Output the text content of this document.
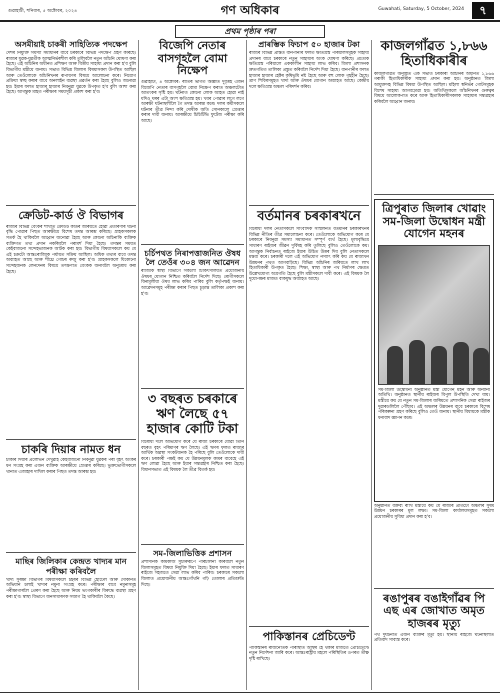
গুৱাহাটী, শনিবাৰ, ৫ অক্টোবৰ, ২০২৪	গণ অধিকাৰ	Guwahati, Saturday, 5 October, 2024	৭
প্ৰথম পৃষ্ঠাৰ পৰা
অসমীয়াই চাকৰী সাহিত্যিক পদক্ষেপ
দেশৰ নিযুক্তি সমস্যা সমাধানৰ বাবে চৰকাৰে বিভিন্ন পদক্ষেপ গ্ৰহণ কৰিছে। ৰাজ্যৰ যুৱক-যুৱতীক আত্মনিৰ্ভৰশীল কৰি তুলিবলৈ নতুন আঁচনি ঘোষণা কৰা হৈছে। এই আঁচনিৰ অধীনত প্ৰশিক্ষণ আৰু বিত্তীয় সাহায্য প্ৰদান কৰা হ'ব বুলি বিভাগীয় মন্ত্ৰীয়ে জনায়। সভাত বিভিন্ন জিলাৰ বিষয়াসকল উপস্থিত আছিল আৰু তেওঁলোকে আঁচনিখনৰ ৰূপায়ণৰ বিষয়ে আলোচনা কৰে। নিয়োগ প্ৰক্ৰিয়া স্বচ্ছ কৰাৰ বাবে অনলাইন ব্যৱস্থা প্ৰৱৰ্তন কৰা হৈছে বুলিও জনোৱা হয়। ইয়াৰ ফলত হাজাৰ হাজাৰ নিবনুৱা যুৱকে উপকৃত হ'ব বুলি আশা কৰা হৈছে। আগন্তুক মাহত পৰীক্ষাৰ সময়সূচী প্ৰকাশ কৰা হ'ব।
ক্ৰেডিট-কাৰ্ড ঔ বিভাগৰ
ৰাজ্যৰ বিভিন্ন বেংকৰ শাখাত ক্ৰেডিট কাৰ্ডৰ জৰিয়তে হোৱা প্ৰতাৰণাৰ ঘটনা বৃদ্ধি পোৱাৰ পিছত আৰক্ষীয়ে বিশেষ তদন্ত আৰম্ভ কৰিছে। গ্ৰাহকসকলক সতৰ্ক হৈ থাকিবলৈ আহ্বান জনোৱা হৈছে আৰু কোনো অচিনাকি ব্যক্তিক ব্যক্তিগত তথ্য প্ৰদান নকৰিবলৈ পৰামৰ্শ দিয়া হৈছে। তদন্তৰ সময়ত কেইবাজনো সন্দেহভাজনক আটক কৰা হয়। বিভাগীয় বিষয়াসকলে কয় যে এই চক্ৰটো আন্তঃৰাজ্যিক পৰ্যায়ত সক্ৰিয় আছিল। অধিক তথ্যৰ বাবে তদন্ত অব্যাহত আছে আৰু শীঘ্ৰে গোচৰ ৰুজু কৰা হ'ব। গ্ৰাহকসকলে যিকোনো সন্দেহজনক লেনদেনৰ বিষয়ে তৎক্ষণাত বেংকক জনাবলৈ অনুৰোধ কৰা হৈছে।
চাকৰি দিয়াৰ নামত ধন
চাকৰি দিয়াৰ প্ৰলোভন দেখুৱাই কেইবাজনো নিবনুৱা যুৱকৰ পৰা বৃহৎ অংকৰ ধন সংগ্ৰহ কৰা এজন ব্যক্তিক আৰক্ষীয়ে গ্ৰেপ্তাৰ কৰিছে। ভুক্তভোগীসকলে থানাত এজাহাৰ দাখিল কৰাৰ পিছত তদন্ত আৰম্ভ হয়।
মাছিৰ জিলিকাৰ কেন্দ্ৰত খাদ্যৰ মান পৰীক্ষা কৰিবলৈ
খাদ্য সুৰক্ষা বিভাগৰ বিষয়াসকলে চহৰৰ বিভিন্ন হোটেল আৰু দোকানত অভিযান চলাই খাদ্যৰ নমুনা সংগ্ৰহ কৰে। পৰীক্ষাৰ বাবে নমুনাসমূহ পৰীক্ষাগাৰলৈ প্ৰেৰণ কৰা হৈছে আৰু নিয়ম ভংগকাৰীৰ বিৰুদ্ধে ব্যৱস্থা গ্ৰহণ কৰা হ'ব। স্বাস্থ্য বিভাগে জনসাধাৰণক সজাগ হৈ থাকিবলৈ কৈছে।
বিজেপি নেতাৰ বাসগৃহলৈ বোমা নিক্ষেপ
গুৱাহাটী, ৪ অক্টোবৰ: ৰাতিৰ ভাগত অজ্ঞাত দুৰ্বৃত্তই এজন বিজেপি নেতাৰ বাসগৃহলৈ বোমা নিক্ষেপ কৰাত অঞ্চলটোত আতংকৰ সৃষ্টি হয়। ঘটনাত কোনো লোক আহত হোৱা নাই যদিও ঘৰৰ এটা অংশ ক্ষতিগ্ৰস্ত হয়। খবৰ পোৱাৰ লগে লগে আৰক্ষী ঘটনাস্থলীলৈ গৈ তদন্ত আৰম্ভ কৰে। দলৰ কৰ্মীসকলে ঘটনাৰ তীব্ৰ নিন্দা কৰি দোষীক অতি সোনকালে গ্ৰেপ্তাৰ কৰাৰ দাবী জনায়। আৰক্ষীয়ে চিচিটিভি ফুটেজ পৰীক্ষা কৰি আছে।
চৰ্চিপথত নিৰাপত্তাজনিত ঔষধ লৈ তেওঁৰ ৩০৪ জন আৱেদন
ৰাজ্যিক স্বাস্থ্য বিভাগে সকলো চিকিৎসালয়ত প্ৰয়োজনীয় ঔষধৰ যোগান নিশ্চিত কৰিবলৈ নিৰ্দেশ দিছে। ৰোগীসকলে বিনামূলীয়া ঔষধ লাভ কৰিব পাৰিব বুলি কৰ্তৃপক্ষই জনায়। আৱেদনসমূহ পৰীক্ষা কৰাৰ পিছত চূড়ান্ত তালিকা প্ৰকাশ কৰা হ'ব।
৩ বছৰত চৰকাৰে ঋণ লৈছে ৫৭ হাজাৰ কোটি টকা
বিৰোধী দলে অভিযোগ কৰে যে ৰাজ্য চৰকাৰে যোৱা তিনি বছৰত বৃহৎ পৰিমাণৰ ঋণ লৈছে। এই ঋণৰ ফলত ৰাজ্যৰ আৰ্থিক অৱস্থা সংকটজনক হৈ পৰিছে বুলি তেওঁলোকে দাবী কৰে। চৰকাৰী পক্ষই কয় যে উন্নয়নমূলক কামৰ বাবেহে এই ঋণ লোৱা হৈছে আৰু ইয়াৰ সদ্ব্যৱহাৰ নিশ্চিত কৰা হৈছে। বিধানসভাত এই বিষয়ক লৈ তীব্ৰ বিতৰ্ক হয়।
সম-জিলাভিত্তিক প্ৰশাসন
প্ৰশাসনিক কামকাজ সুচাৰুৰূপে পৰিচালনা কৰিবলৈ নতুন জিলাসমূহত বিষয়া নিযুক্তি দিয়া হৈছে। ইয়াৰ ফলত সাধাৰণ ৰাইজে সহজতে সেৱা লাভ কৰিব পাৰিব। চৰকাৰে সকলো জিলাত প্ৰয়োজনীয় আন্তঃগাঁথনি গঢ়ি তোলাৰ প্ৰতিশ্ৰুতি দিছে।
প্ৰাৰম্ভিক ফিচাপ ৫০ হাজাৰ টকা
ৰাজ্যৰ বিভিন্ন প্ৰান্তত বানপানীৰ ফলত ক্ষতিগ্ৰস্ত পৰিয়ালসমূহক সাহায্য প্ৰদানৰ বাবে চৰকাৰে নতুন সাহায্যৰ অংক ঘোষণা কৰিছে। প্ৰত্যেক ক্ষতিগ্ৰস্ত পৰিয়ালে এককালীন সাহায্য লাভ কৰিব। জিলা প্ৰশাসনক দ্ৰুতগতিত তালিকা প্ৰস্তুত কৰিবলৈ নিৰ্দেশ দিয়া হৈছে। বানপানীৰ ফলত হাজাৰ হাজাৰ হেক্টৰ কৃষিভূমি নষ্ট হৈছে আৰু বহু লোক গৃহহীন হৈছে। ত্ৰাণ শিবিৰসমূহত খাদ্য আৰু ঔষধৰ যোগান অব্যাহত আছে। কেন্দ্ৰীয় দলে ক্ষতিগ্ৰস্ত অঞ্চল পৰিদৰ্শন কৰিব।
বৰ্তমানৰ চৰকাৰখনে
বিৰোধী দলৰ নেতাসকলে সাংবাদিক সন্মিলনত বৰ্তমানৰ চৰকাৰখনৰ বিভিন্ন নীতিৰ তীব্ৰ সমালোচনা কৰে। তেওঁলোকে অভিযোগ কৰে যে চৰকাৰে নিবনুৱা সমস্যা সমাধানত সম্পূৰ্ণ ব্যৰ্থ হৈছে। মূল্যবৃদ্ধিয়ে সাধাৰণ ৰাইজৰ জীৱন দুৰ্বিষহ কৰি তুলিছে বুলিও তেওঁলোকে কয়। আগন্তুক নিৰ্বাচনত ৰাইজে ইয়াৰ উচিত উত্তৰ দিব বুলি নেতাসকলে মন্তব্য কৰে। চৰকাৰী দলে এই অভিযোগ নস্যাৎ কৰি কয় যে ৰাজ্যখন উন্নয়নৰ পথত আগবাঢ়িছে। বিভিন্ন আঁচনিৰ জৰিয়তে লাখ লাখ হিতাধিকাৰী উপকৃত হৈছে। শিক্ষা, স্বাস্থ্য আৰু পথ নিৰ্মাণৰ ক্ষেত্ৰত উল্লেখযোগ্য অগ্ৰগতি হৈছে বুলি মন্ত্ৰীসকলে দাবী কৰে। এই বিষয়ক লৈ দুয়োপক্ষৰ মাজত বাকযুদ্ধ অব্যাহত আছে।
পাকিস্তানৰ প্ৰেচিডেণ্ট
পাকিস্তানৰ ৰাজনৈতিক পৰিস্থিতি অস্থিৰ হৈ থকাৰ মাজতে প্ৰেচিডেণ্টে নতুন নিৰ্দেশনা জাৰি কৰে। আন্তঃৰাষ্ট্ৰীয় মহলে পৰিস্থিতিৰ ওপৰত তীক্ষ্ণ দৃষ্টি ৰাখিছে।
কাজলগাঁৱত ১,৮৬৬ হিতাধিকাৰীৰ
কাজলগাঁৱত অনুষ্ঠিত এক সভাত চৰকাৰী আঁচনিৰ অধীনত ১,৮৬৬ গৰাকী হিতাধিকাৰীক সাহায্য প্ৰদান কৰা হয়। অনুষ্ঠানত জিলা আয়ুক্তসহ বিভিন্ন বিষয়া উপস্থিত আছিল। মহিলা স্বনিৰ্ভৰ গোটসমূহক বিশেষ সাহায্য আগবঢ়োৱা হয়। অতিথিসকলে আঁচনিখনৰ গুৰুত্বৰ বিষয়ে আলোকপাত কৰে আৰু হিতাধিকাৰীসকলক সাহায্যৰ সদ্ব্যৱহাৰ কৰিবলৈ আহ্বান জনায়।
ত্ৰিপুৰাত জিলাৰ খোৱাং সম-জিলা উদ্বোধন মন্ত্ৰী যোগেন মহনৰ
সম-জিলা উদ্বোধনী অনুষ্ঠানত মন্ত্ৰী যোগেন মহন আৰু অন্যান্য অতিথি। অনুষ্ঠানত স্থানীয় ৰাইজৰ বিপুল উপস্থিতি দেখা যায়। মন্ত্ৰীয়ে কয় যে নতুন সম-জিলাৰ জৰিয়তে প্ৰশাসনিক সেৱা ৰাইজৰ দুৱাৰডলিলৈ পৌঁছাব। এই অঞ্চলৰ উন্নয়নৰ বাবে চৰকাৰে বিশেষ পৰিকল্পনা গ্ৰহণ কৰিছে বুলিও তেওঁ জনায়। স্থানীয় বিধায়কে মন্ত্ৰীক ধন্যবাদ জ্ঞাপন কৰে।
অনুষ্ঠানত বক্তব্য ৰাখি মন্ত্ৰীয়ে কয় যে ৰাজ্যৰ প্ৰতিটো অঞ্চলৰ সুষম উন্নয়ন চৰকাৰৰ মূল লক্ষ্য। সম-জিলা কাৰ্যালয়সমূহত সকলো প্ৰয়োজনীয় সুবিধা প্ৰদান কৰা হ'ব।
ৰঙাপুৰৰ বঙাইগাঁৱৰ পি এছ এৰ জোখাত অমৃত হাজৰৰ মৃত্যু
পথ দুৰ্ঘটনাত এজন ব্যক্তিৰ মৃত্যু হয়। স্থানীয় ৰাইজে ঘটনাস্থলীত প্ৰতিবাদ সাব্যস্ত কৰে।
